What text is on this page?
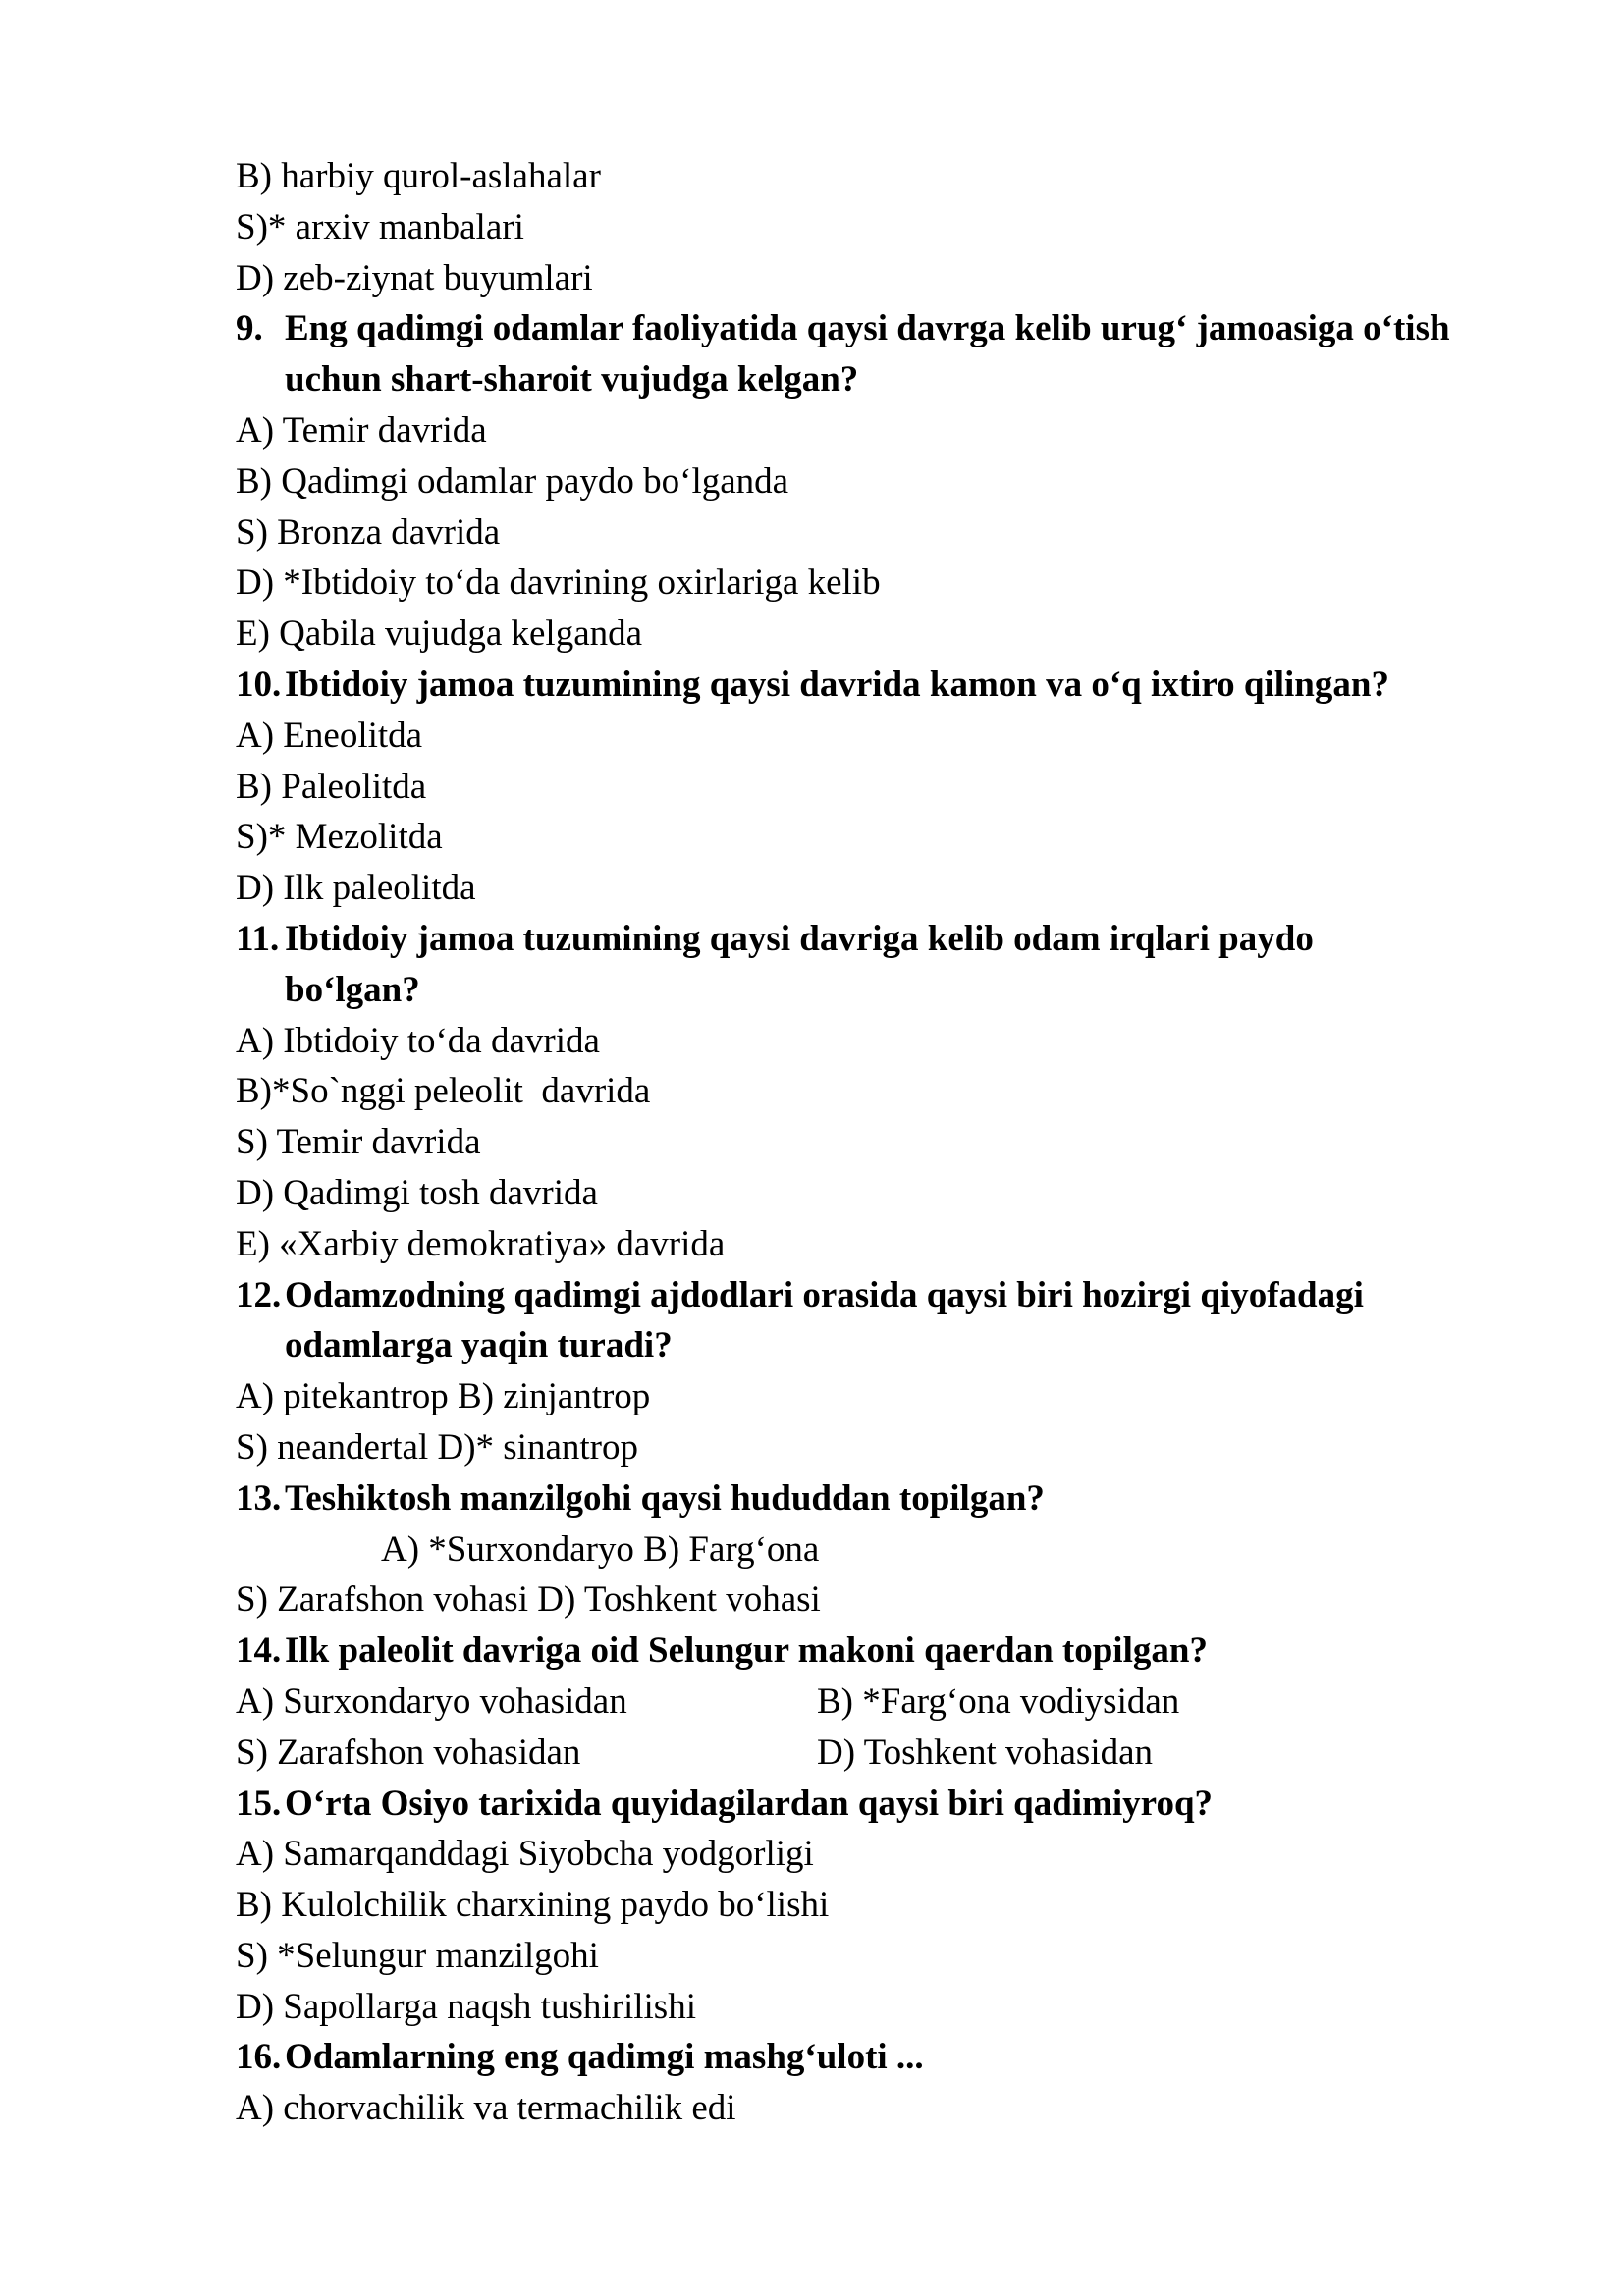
B) harbiy qurol-aslahalar
S)* arxiv manbalari
D) zeb-ziynat buyumlari
9. Eng qadimgi odamlar faoliyatida qaysi davrga kelib urug‘ jamoasiga o‘tish
uchun shart-sharoit vujudga kelgan?
A) Temir davrida
B) Qadimgi odamlar paydo bo‘lganda
S) Bronza davrida
D) *Ibtidoiy to‘da davrining oxirlariga kelib
E) Qabila vujudga kelganda
10. Ibtidoiy jamoa tuzumining qaysi davrida kamon va o‘q ixtiro qilingan?
A) Eneolitda
B) Paleolitda
S)* Mezolitda
D) Ilk paleolitda
11. Ibtidoiy jamoa tuzumining qaysi davriga kelib odam irqlari paydo
bo‘lgan?
A) Ibtidoiy to‘da davrida
B)*So`nggi peleolit  davrida
S) Temir davrida
D) Qadimgi tosh davrida
E) «Xarbiy demokratiya» davrida
12. Odamzodning qadimgi ajdodlari orasida qaysi biri hozirgi qiyofadagi
odamlarga yaqin turadi?
A) pitekantrop B) zinjantrop
S) neandertal D)* sinantrop
13. Teshiktosh manzilgohi qaysi hududdan topilgan?
A) *Surxondaryo B) Farg‘ona
S) Zarafshon vohasi D) Toshkent vohasi
14. Ilk paleolit davriga oid Selungur makoni qaerdan topilgan?
A) Surxondaryo vohasidan	B) *Farg‘ona vodiysidan
S) Zarafshon vohasidan	D) Toshkent vohasidan
15. O‘rta Osiyo tarixida quyidagilardan qaysi biri qadimiyroq?
A) Samarqanddagi Siyobcha yodgorligi
B) Kulolchilik charxining paydo bo‘lishi
S) *Selungur manzilgohi
D) Sapollarga naqsh tushirilishi
16. Odamlarning eng qadimgi mashg‘uloti ...
A) chorvachilik va termachilik edi
